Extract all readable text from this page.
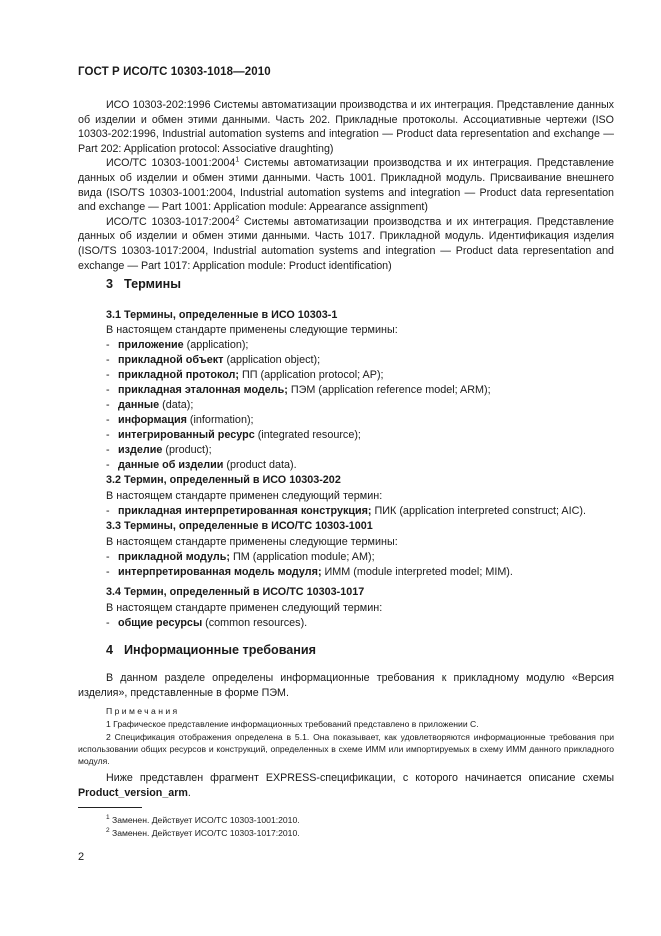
ГОСТ Р ИСО/ТС 10303-1018—2010

ИСО 10303-202:1996 Системы автоматизации производства и их интеграция. Представление данных об изделии и обмен этими данными. Часть 202. Прикладные протоколы. Ассоциативные чертежи (ISO 10303-202:1996, Industrial automation systems and integration — Product data representation and exchange — Part 202: Application protocol: Associative draughting)

ИСО/ТС 10303-1001:2004$^1$ Системы автоматизации производства и их интеграция. Представление данных об изделии и обмен этими данными. Часть 1001. Прикладной модуль. Присваивание внешнего вида (ISO/TS 10303-1001:2004, Industrial automation systems and integration — Product data representation and exchange — Part 1001: Application module: Appearance assignment)

ИСО/ТС 10303-1017:2004$^2$ Системы автоматизации производства и их интеграция. Представление данных об изделии и обмен этими данными. Часть 1017. Прикладной модуль. Идентификация изделия (ISO/TS 10303-1017:2004, Industrial automation systems and integration — Product data representation and exchange — Part 1017: Application module: Product identification)

3 Термины
3.1 Термины, определенные в ИСО 10303-1
В настоящем стандарте применены следующие термины:
- приложение (application);
- прикладной объект (application object);
- прикладной протокол; ПП (application protocol; AP);
- прикладная эталонная модель; ПЭМ (application reference model; ARM);
- данные (data);
- информация (information);
- интегрированный ресурс (integrated resource);
- изделие (product);
- данные об изделии (product data).
3.2 Термин, определенный в ИСО 10303-202
В настоящем стандарте применен следующий термин:
- прикладная интерпретированная конструкция; ПИК (application interpreted construct; AIC).
3.3 Термины, определенные в ИСО/ТС 10303-1001
В настоящем стандарте применены следующие термины:
- прикладной модуль; ПМ (application module; AM);
- интерпретированная модель модуля; ИММ (module interpreted model; MIM).
3.4 Термин, определенный в ИСО/ТС 10303-1017
В настоящем стандарте применен следующий термин:
- общие ресурсы (common resources).
4 Информационные требования

В данном разделе определены информационные требования к прикладному модулю «Версия изделия», представленные в форме ПЭМ.

Примечания
1 Графическое представление информационных требований представлено в приложении С.
2 Спецификация отображения определена в 5.1. Она показывает, как удовлетворяются информационные требования при использовании общих ресурсов и конструкций, определенных в схеме ИММ или импортируемых в схему ИММ данного прикладного модуля.

Ниже представлен фрагмент EXPRESS-спецификации, с которого начинается описание схемы Product_version_arm.

$^1$ Заменен. Действует ИСО/ТС 10303-1001:2010.
$^2$ Заменен. Действует ИСО/ТС 10303-1017:2010.
2
